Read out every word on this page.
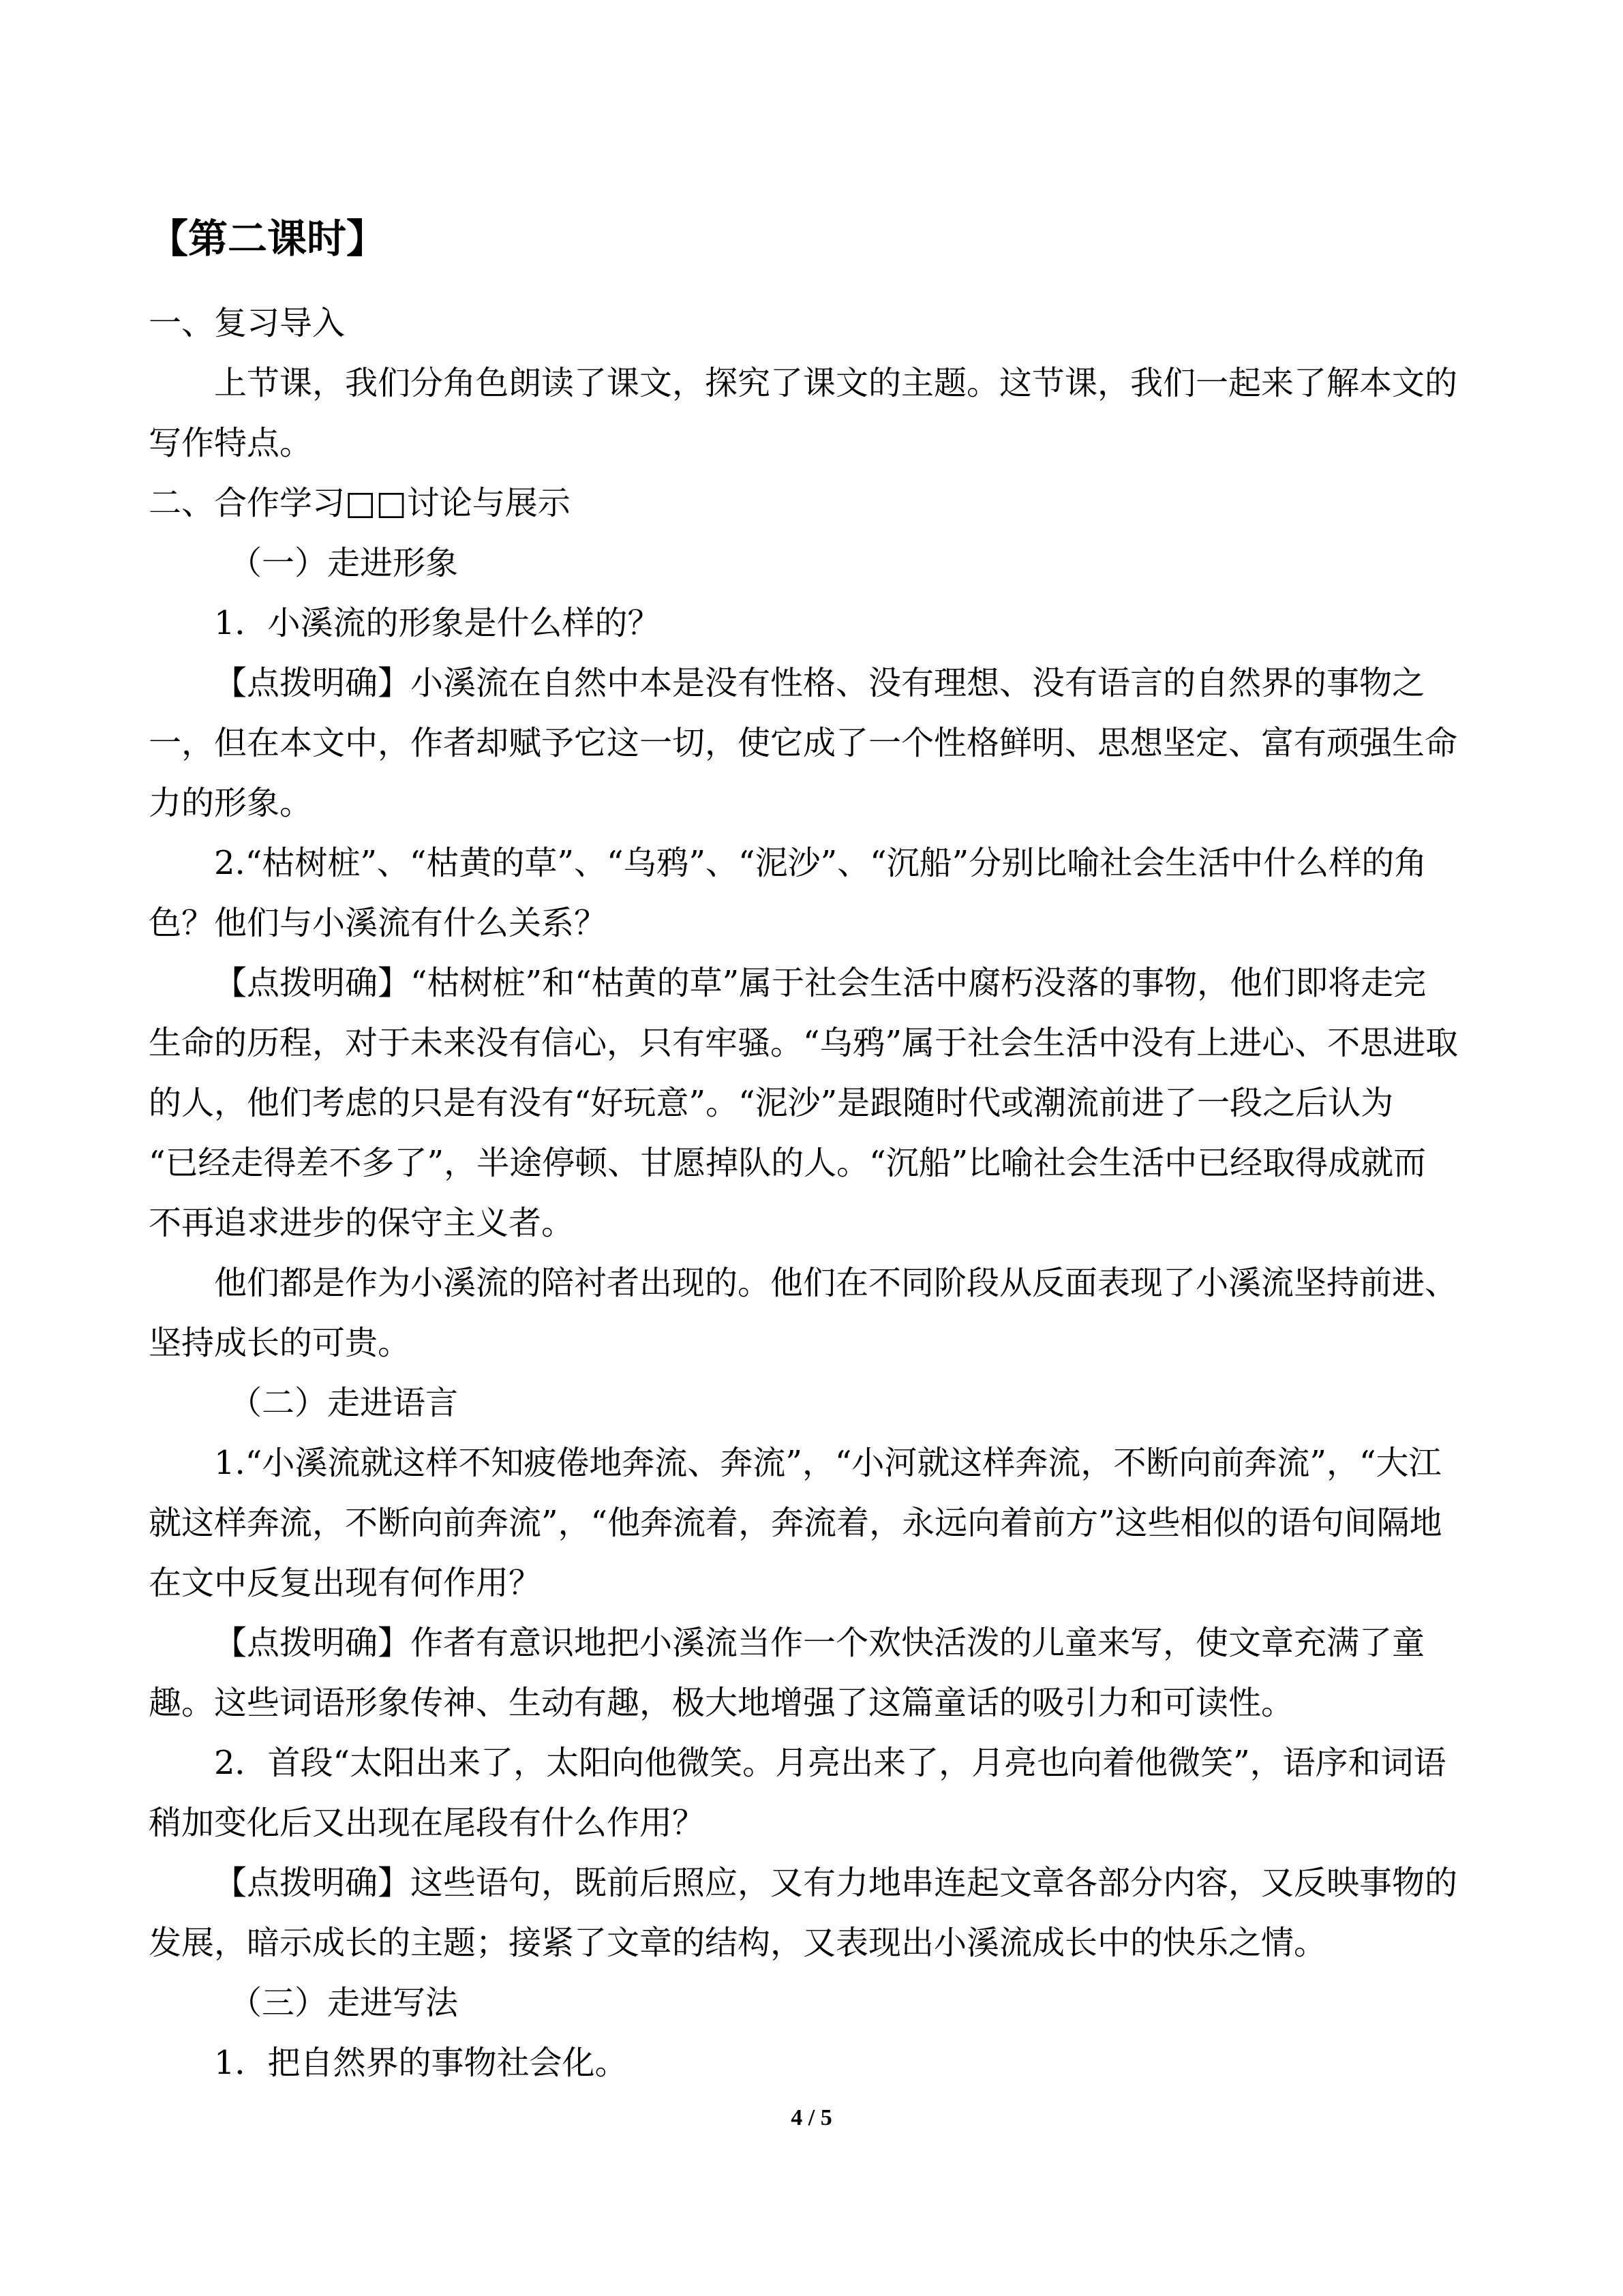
【第二课时】
一、复习导入
上节课，我们分角色朗读了课文，探究了课文的主题。这节课，我们一起来了解本文的
写作特点。
二、合作学习□□讨论与展示
（一）走进形象
1．小溪流的形象是什么样的？
【点拨明确】小溪流在自然中本是没有性格、没有理想、没有语言的自然界的事物之
一，但在本文中，作者却赋予它这一切，使它成了一个性格鲜明、思想坚定、富有顽强生命
力的形象。
2.“枯树桩”、“枯黄的草”、“乌鸦”、“泥沙”、“沉船”分别比喻社会生活中什么样的角
色？他们与小溪流有什么关系？
【点拨明确】“枯树桩”和“枯黄的草”属于社会生活中腐朽没落的事物，他们即将走完
生命的历程，对于未来没有信心，只有牢骚。“乌鸦”属于社会生活中没有上进心、不思进取
的人，他们考虑的只是有没有“好玩意”。“泥沙”是跟随时代或潮流前进了一段之后认为
“已经走得差不多了”，半途停顿、甘愿掉队的人。“沉船”比喻社会生活中已经取得成就而
不再追求进步的保守主义者。
他们都是作为小溪流的陪衬者出现的。他们在不同阶段从反面表现了小溪流坚持前进、
坚持成长的可贵。
（二）走进语言
1.“小溪流就这样不知疲倦地奔流、奔流”，“小河就这样奔流，不断向前奔流”，“大江
就这样奔流，不断向前奔流”，“他奔流着，奔流着，永远向着前方”这些相似的语句间隔地
在文中反复出现有何作用？
【点拨明确】作者有意识地把小溪流当作一个欢快活泼的儿童来写，使文章充满了童
趣。这些词语形象传神、生动有趣，极大地增强了这篇童话的吸引力和可读性。
2．首段“太阳出来了，太阳向他微笑。月亮出来了，月亮也向着他微笑”，语序和词语
稍加变化后又出现在尾段有什么作用？
【点拨明确】这些语句，既前后照应，又有力地串连起文章各部分内容，又反映事物的
发展，暗示成长的主题；接紧了文章的结构，又表现出小溪流成长中的快乐之情。
（三）走进写法
1．把自然界的事物社会化。
4 / 5
